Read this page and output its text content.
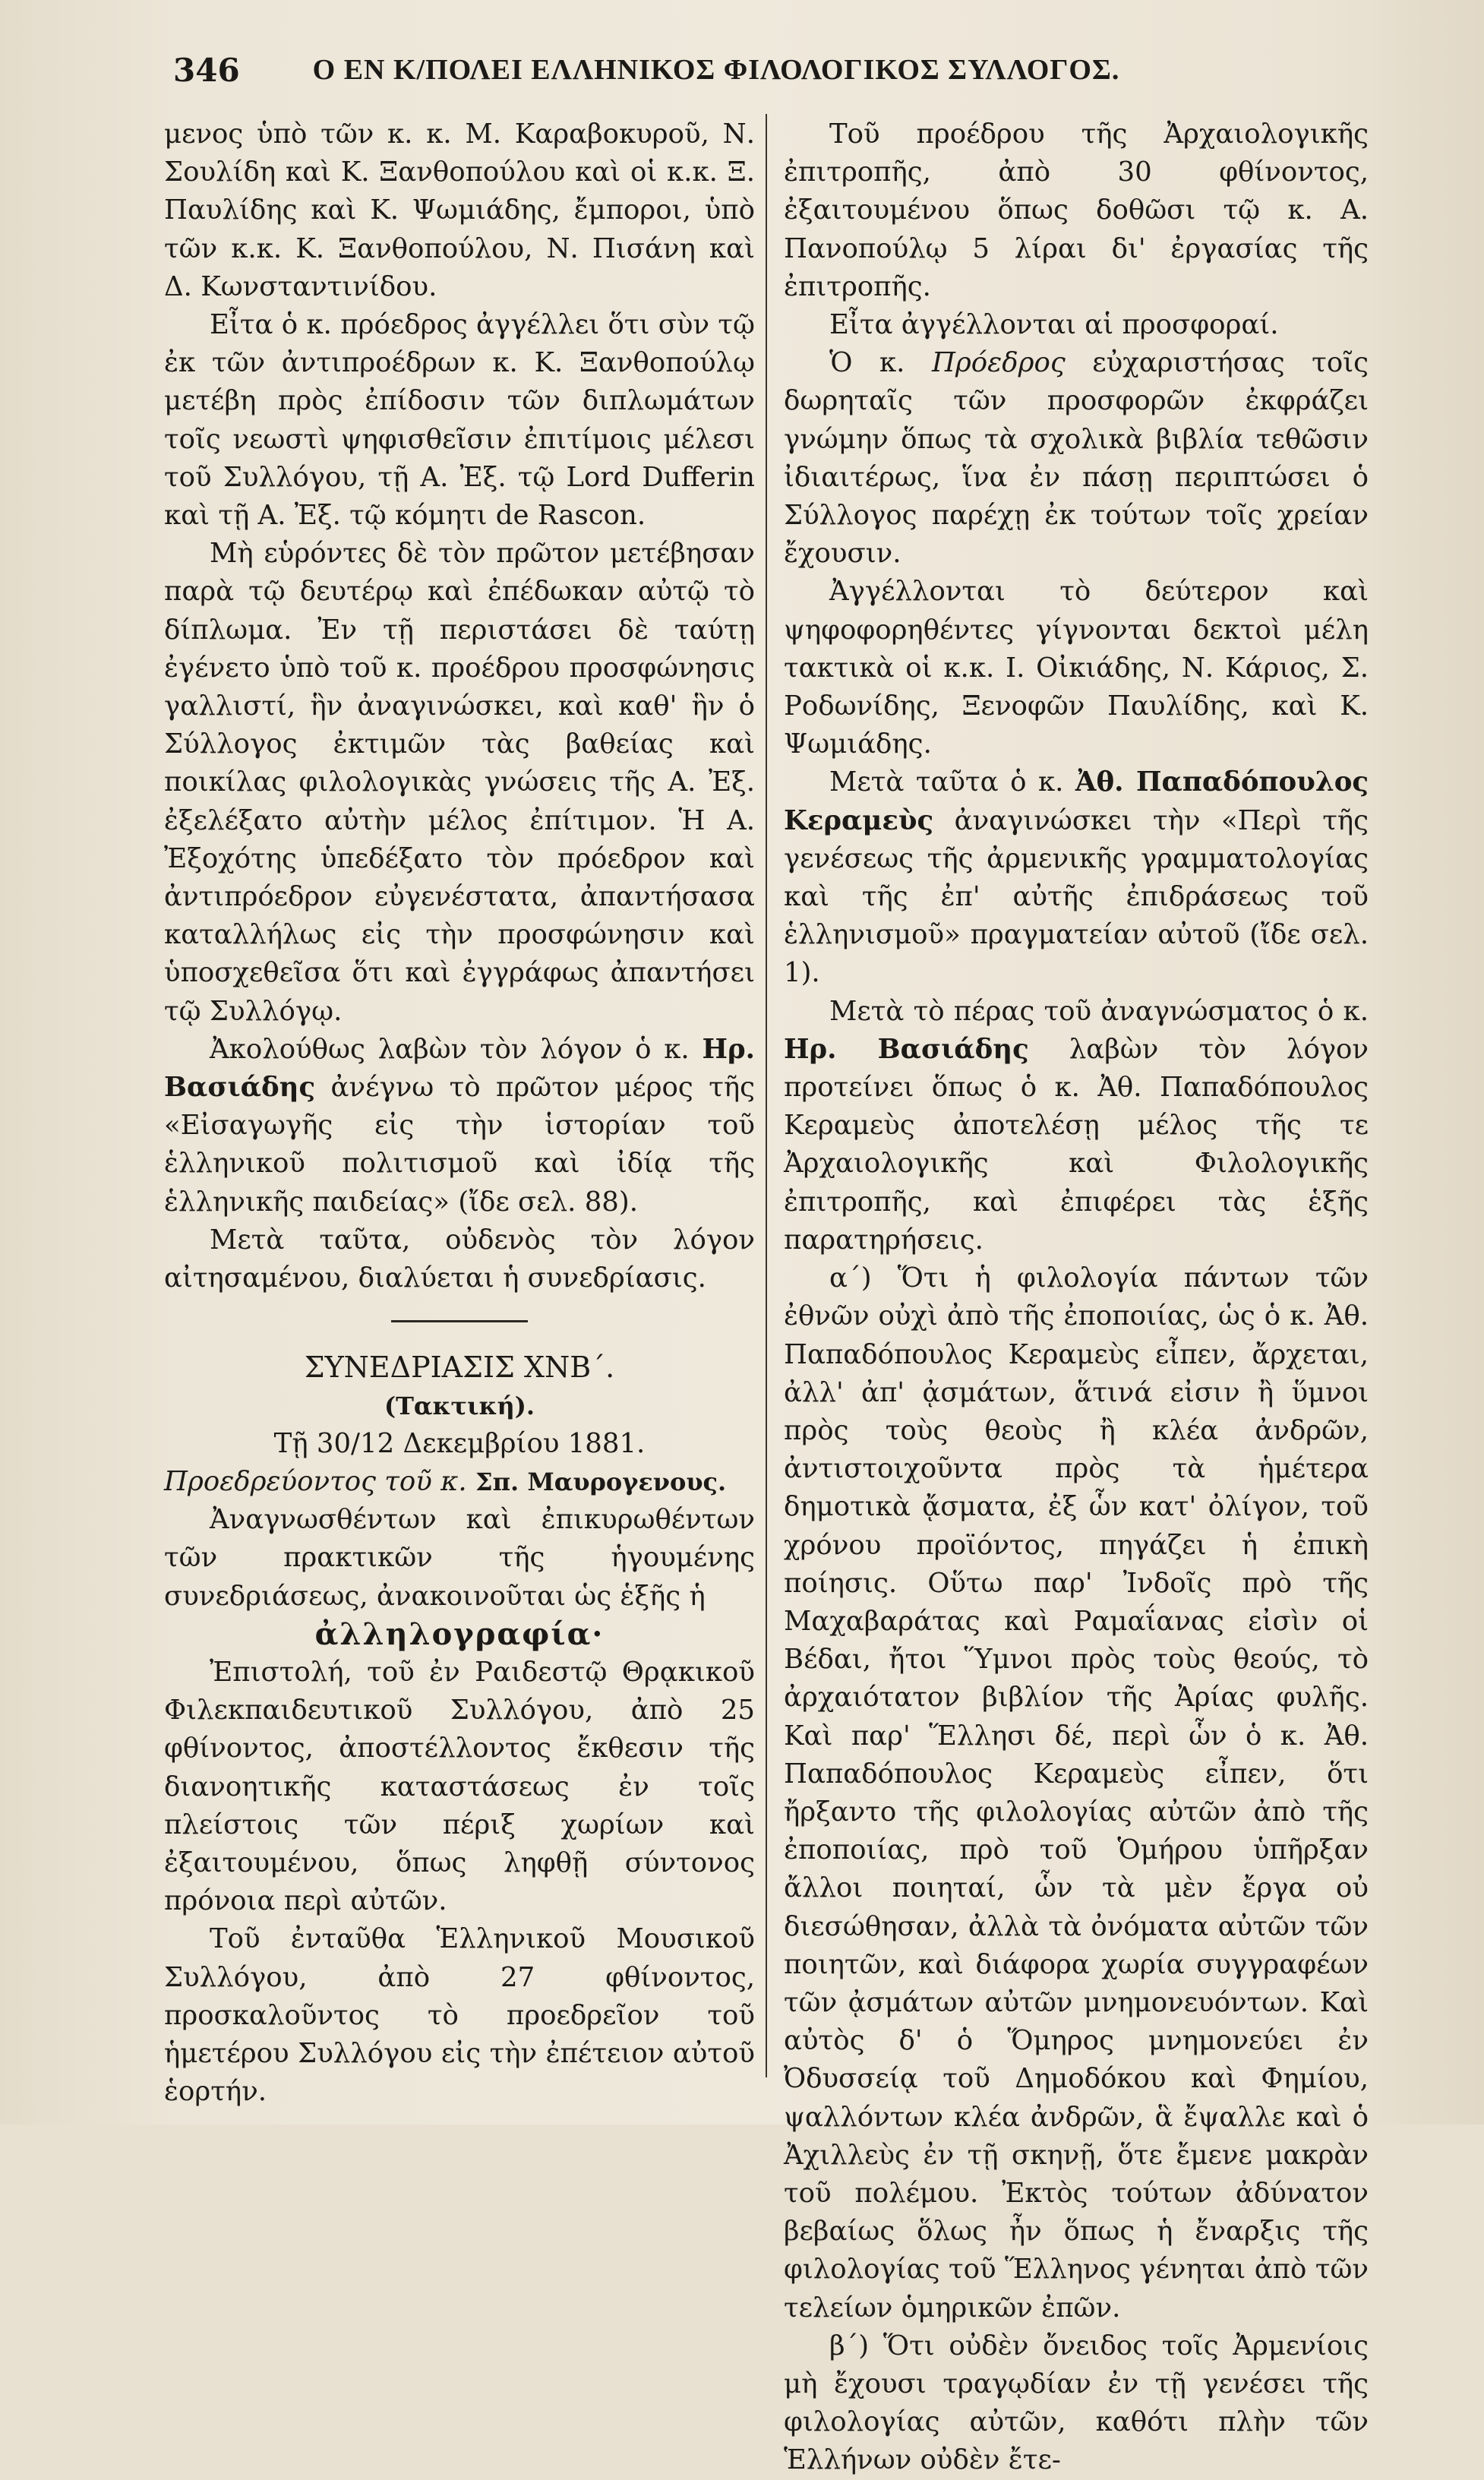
346	Ο ΕΝ Κ/ΠΟΛΕΙ ΕΛΛΗΝΙΚΟΣ ΦΙΛΟΛΟΓΙΚΟΣ ΣΥΛΛΟΓΟΣ.

μενος ὑπὸ τῶν κ. κ. Μ. Καραβοκυροῦ, Ν. Σουλίδη καὶ Κ. Ξανθοπούλου καὶ οἱ κ.κ. Ξ. Παυλίδης καὶ Κ. Ψωμιάδης, ἔμποροι, ὑπὸ τῶν κ.κ. Κ. Ξανθοπούλου, Ν. Πισάνη καὶ Δ. Κωνσταντινίδου.

Εἶτα ὁ κ. πρόεδρος ἀγγέλλει ὅτι σὺν τῷ ἐκ τῶν ἀντιπροέδρων κ. Κ. Ξανθοπούλῳ μετέβη πρὸς ἐπίδοσιν τῶν διπλωμάτων τοῖς νεωστὶ ψηφισθεῖσιν ἐπιτίμοις μέλεσι τοῦ Συλλόγου, τῇ Α. Ἐξ. τῷ Lord Dufferin καὶ τῇ Α. Ἐξ. τῷ κόμητι de Rascon.

Μὴ εὑρόντες δὲ τὸν πρῶτον μετέβησαν παρὰ τῷ δευτέρῳ καὶ ἐπέδωκαν αὐτῷ τὸ δίπλωμα. Ἐν τῇ περιστάσει δὲ ταύτῃ ἐγένετο ὑπὸ τοῦ κ. προέδρου προσφώνησις γαλλιστί, ἣν ἀναγινώσκει, καὶ καθ' ἣν ὁ Σύλλογος ἐκτιμῶν τὰς βαθείας καὶ ποικίλας φιλολογικὰς γνώσεις τῆς Α. Ἐξ. ἐξελέξατο αὐτὴν μέλος ἐπίτιμον. Ἡ Α. Ἐξοχότης ὑπεδέξατο τὸν πρόεδρον καὶ ἀντιπρόεδρον εὐγενέστατα, ἀπαντήσασα καταλλήλως εἰς τὴν προσφώνησιν καὶ ὑποσχεθεῖσα ὅτι καὶ ἐγγράφως ἀπαντήσει τῷ Συλλόγῳ.

Ἀκολούθως λαβὼν τὸν λόγον ὁ κ. Ηρ. Βασιάδης ἀνέγνω τὸ πρῶτον μέρος τῆς «Εἰσαγωγῆς εἰς τὴν ἱστορίαν τοῦ ἑλληνικοῦ πολιτισμοῦ καὶ ἰδίᾳ τῆς ἑλληνικῆς παιδείας» (ἴδε σελ. 88).

Μετὰ ταῦτα, οὐδενὸς τὸν λόγον αἰτησαμένου, διαλύεται ἡ συνεδρίασις.

ΣΥΝΕΔΡΙΑΣΙΣ ΧΝΒ΄.

(Τακτική).

Τῇ 30/12 Δεκεμβρίου 1881.

Προεδρεύοντος τοῦ κ. Σπ. Μαυρογενους.

Ἀναγνωσθέντων καὶ ἐπικυρωθέντων τῶν πρακτικῶν τῆς ἡγουμένης συνεδριάσεως, ἀνακοινοῦται ὡς ἑξῆς ἡ

ἀλληλογραφία·

Ἐπιστολή, τοῦ ἐν Ραιδεστῷ Θρᾳκικοῦ Φιλεκπαιδευτικοῦ Συλλόγου, ἀπὸ 25 φθίνοντος, ἀποστέλλοντος ἔκθεσιν τῆς διανοητικῆς καταστάσεως ἐν τοῖς πλείστοις τῶν πέριξ χωρίων καὶ ἐξαιτουμένου, ὅπως ληφθῇ σύντονος πρόνοια περὶ αὐτῶν.

Τοῦ ἐνταῦθα Ἑλληνικοῦ Μουσικοῦ Συλλόγου, ἀπὸ 27 φθίνοντος, προσκαλοῦντος τὸ προεδρεῖον τοῦ ἡμετέρου Συλλόγου εἰς τὴν ἐπέτειον αὐτοῦ ἑορτήν.

Τοῦ προέδρου τῆς Ἀρχαιολογικῆς ἐπιτροπῆς, ἀπὸ 30 φθίνοντος, ἐξαιτουμένου ὅπως δοθῶσι τῷ κ. Α. Πανοπούλῳ 5 λίραι δι' ἐργασίας τῆς ἐπιτροπῆς.

Εἶτα ἀγγέλλονται αἱ προσφοραί.

Ὁ κ. Πρόεδρος εὐχαριστήσας τοῖς δωρηταῖς τῶν προσφορῶν ἐκφράζει γνώμην ὅπως τὰ σχολικὰ βιβλία τεθῶσιν ἰδιαιτέρως, ἵνα ἐν πάσῃ περιπτώσει ὁ Σύλλογος παρέχῃ ἐκ τούτων τοῖς χρείαν ἔχουσιν.

Ἀγγέλλονται τὸ δεύτερον καὶ ψηφοφορηθέντες γίγνονται δεκτοὶ μέλη τακτικὰ οἱ κ.κ. Ι. Οἰκιάδης, Ν. Κάριος, Σ. Ροδωνίδης, Ξενοφῶν Παυλίδης, καὶ Κ. Ψωμιάδης.

Μετὰ ταῦτα ὁ κ. Ἀθ. Παπαδόπουλος Κεραμεὺς ἀναγινώσκει τὴν «Περὶ τῆς γενέσεως τῆς ἀρμενικῆς γραμματολογίας καὶ τῆς ἐπ' αὐτῆς ἐπιδράσεως τοῦ ἑλληνισμοῦ» πραγματείαν αὐτοῦ (ἴδε σελ. 1).

Μετὰ τὸ πέρας τοῦ ἀναγνώσματος ὁ κ. Ηρ. Βασιάδης λαβὼν τὸν λόγον προτείνει ὅπως ὁ κ. Ἀθ. Παπαδόπουλος Κεραμεὺς ἀποτελέσῃ μέλος τῆς τε Ἀρχαιολογικῆς καὶ Φιλολογικῆς ἐπιτροπῆς, καὶ ἐπιφέρει τὰς ἑξῆς παρατηρήσεις.

α΄) Ὅτι ἡ φιλολογία πάντων τῶν ἐθνῶν οὐχὶ ἀπὸ τῆς ἐποποιίας, ὡς ὁ κ. Ἀθ. Παπαδόπουλος Κεραμεὺς εἶπεν, ἄρχεται, ἀλλ' ἀπ' ᾀσμάτων, ἅτινά εἰσιν ἢ ὕμνοι πρὸς τοὺς θεοὺς ἢ κλέα ἀνδρῶν, ἀντιστοιχοῦντα πρὸς τὰ ἡμέτερα δημοτικὰ ᾄσματα, ἐξ ὧν κατ' ὀλίγον, τοῦ χρόνου προϊόντος, πηγάζει ἡ ἐπικὴ ποίησις. Οὕτω παρ' Ἰνδοῖς πρὸ τῆς Μαχαβαράτας καὶ Ραμαΐανας εἰσὶν οἱ Βέδαι, ἤτοι Ὕμνοι πρὸς τοὺς θεούς, τὸ ἀρχαιότατον βιβλίον τῆς Ἀρίας φυλῆς. Καὶ παρ' Ἕλλησι δέ, περὶ ὧν ὁ κ. Ἀθ. Παπαδόπουλος Κεραμεὺς εἶπεν, ὅτι ἤρξαντο τῆς φιλολογίας αὐτῶν ἀπὸ τῆς ἐποποιίας, πρὸ τοῦ Ὁμήρου ὑπῆρξαν ἄλλοι ποιηταί, ὧν τὰ μὲν ἔργα οὐ διεσώθησαν, ἀλλὰ τὰ ὀνόματα αὐτῶν τῶν ποιητῶν, καὶ διάφορα χωρία συγγραφέων τῶν ᾀσμάτων αὐτῶν μνημονευόντων. Καὶ αὐτὸς δ' ὁ Ὅμηρος μνημονεύει ἐν Ὀδυσσείᾳ τοῦ Δημοδόκου καὶ Φημίου, ψαλλόντων κλέα ἀνδρῶν, ἃ ἔψαλλε καὶ ὁ Ἀχιλλεὺς ἐν τῇ σκηνῇ, ὅτε ἔμενε μακρὰν τοῦ πολέμου. Ἐκτὸς τούτων ἀδύνατον βεβαίως ὅλως ἦν ὅπως ἡ ἔναρξις τῆς φιλολογίας τοῦ Ἕλληνος γένηται ἀπὸ τῶν τελείων ὁμηρικῶν ἐπῶν.

β΄) Ὅτι οὐδὲν ὄνειδος τοῖς Ἀρμενίοις μὴ ἔχουσι τραγῳδίαν ἐν τῇ γενέσει τῆς φιλολογίας αὐτῶν, καθότι πλὴν τῶν Ἑλλήνων οὐδὲν ἔτε-
